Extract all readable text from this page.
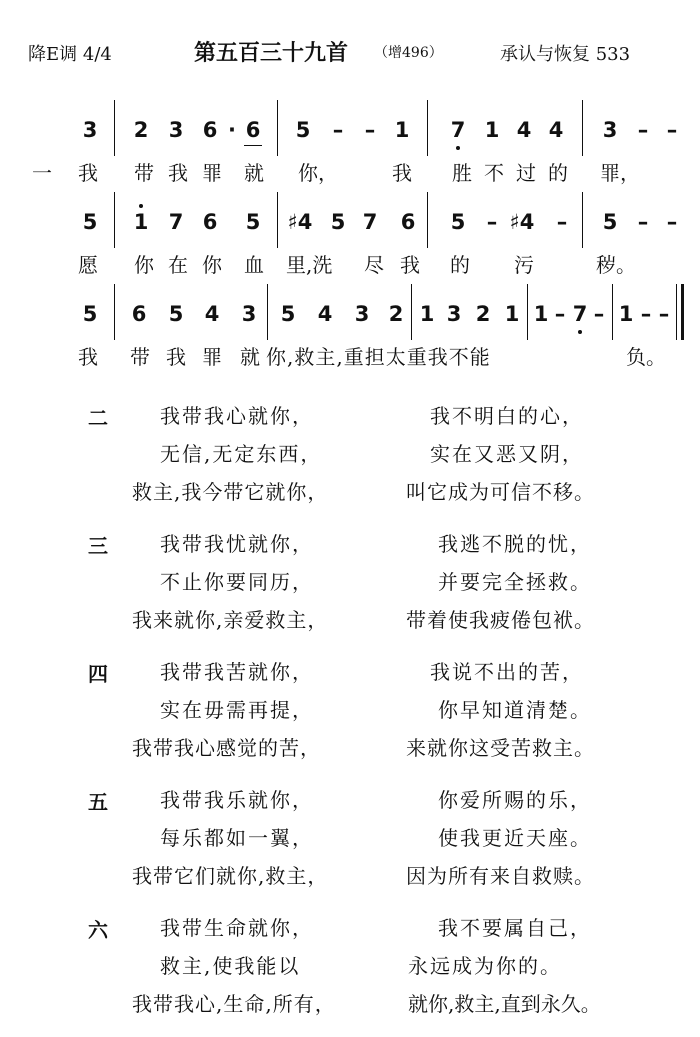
降E调 4/4	第五百三十九首 （增496）	承认与恢复 533
3 2 3 6 · 6 5 – – 1 7 1 4 4 3 – –
一 我 带 我 罪 就 你，	我 胜 不 过 的 罪，
5 1 7 6 5 ♯4 5 7 6 5 – ♯4 – 5 – –
愿 你 在 你 血 里,洗	尽 我 的 污	秽。
5 6 5 4 3 5 4 3 2 1 3 2 1 1 – 7 – 1 – –
我 带 我 罪 就 你,救主,重担太重我不能	负。
二	我带我心就你，	我不明白的心，
无信,无定东西，	实在又恶又阴，
救主,我今带它就你，	叫它成为可信不移。
三	我带我忧就你，	我逃不脱的忧，
不止你要同历，	并要完全拯救。
我来就你,亲爱救主，	带着使我疲倦包袱。
四	我带我苦就你，	我说不出的苦，
实在毋需再提，	你早知道清楚。
我带我心感觉的苦，	来就你这受苦救主。
五	我带我乐就你，	你爱所赐的乐，
每乐都如一翼，	使我更近天座。
我带它们就你,救主，	因为所有来自救赎。
六	我带生命就你，	我不要属自己，
救主,使我能以	永远成为你的。
我带我心,生命,所有，	就你,救主,直到永久。
